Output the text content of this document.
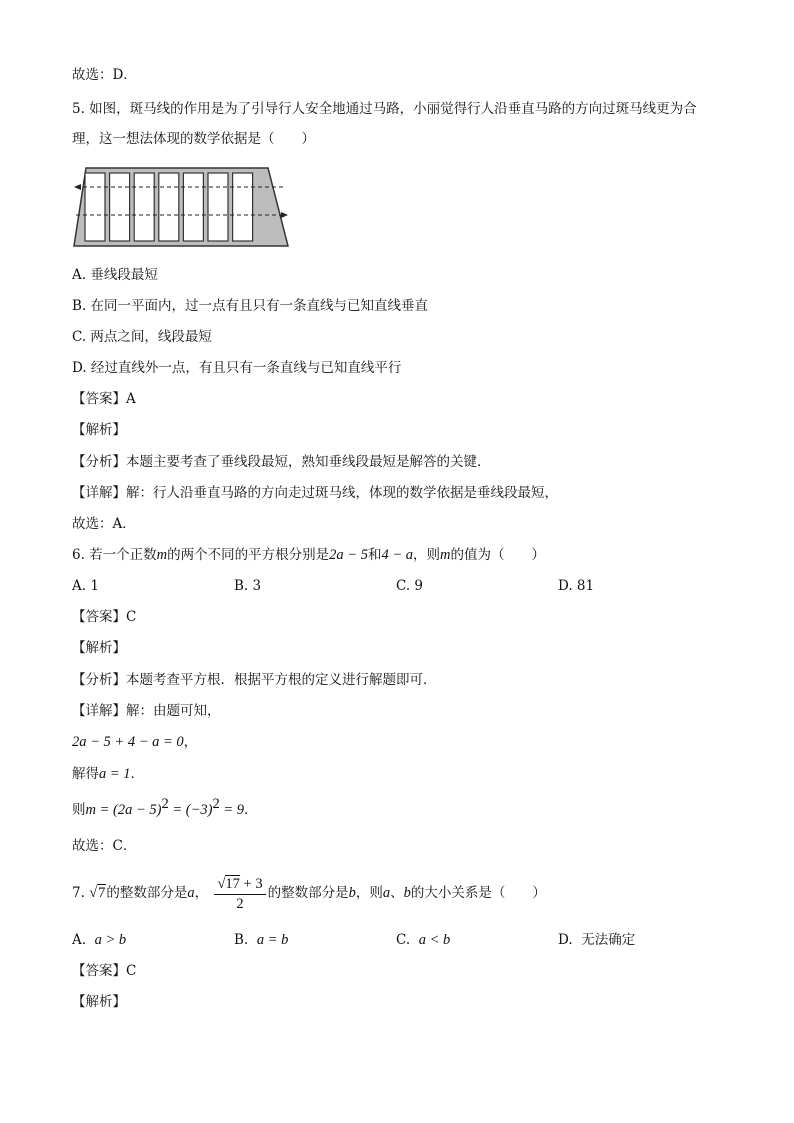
故选：D．
5. 如图，斑马线的作用是为了引导行人安全地通过马路，小丽觉得行人沿垂直马路的方向过斑马线更为合
理，这一想法体现的数学依据是（　　）
A. 垂线段最短
B. 在同一平面内，过一点有且只有一条直线与已知直线垂直
C. 两点之间，线段最短
D. 经过直线外一点，有且只有一条直线与已知直线平行
【答案】A
【解析】
【分析】本题主要考查了垂线段最短，熟知垂线段最短是解答的关键．
【详解】解：行人沿垂直马路的方向走过斑马线，体现的数学依据是垂线段最短，
故选：A．
6. 若一个正数m的两个不同的平方根分别是2a − 5和4 − a，则m的值为（　　）
A. 1	B. 3	C. 9	D. 81
【答案】C
【解析】
【分析】本题考查平方根．根据平方根的定义进行解题即可．
【详解】解：由题可知，
2a − 5 + 4 − a = 0，
解得a = 1．
则$m = (2a - 5)^2 = (-3)^2 = 9$．
故选：C．
7. √7的整数部分是a， $\frac{√17 + 3}{2}$ 的整数部分是b，则a、b的大小关系是（　　）
A. a > b	B. a = b	C. a < b	D. 无法确定
【答案】C
【解析】
